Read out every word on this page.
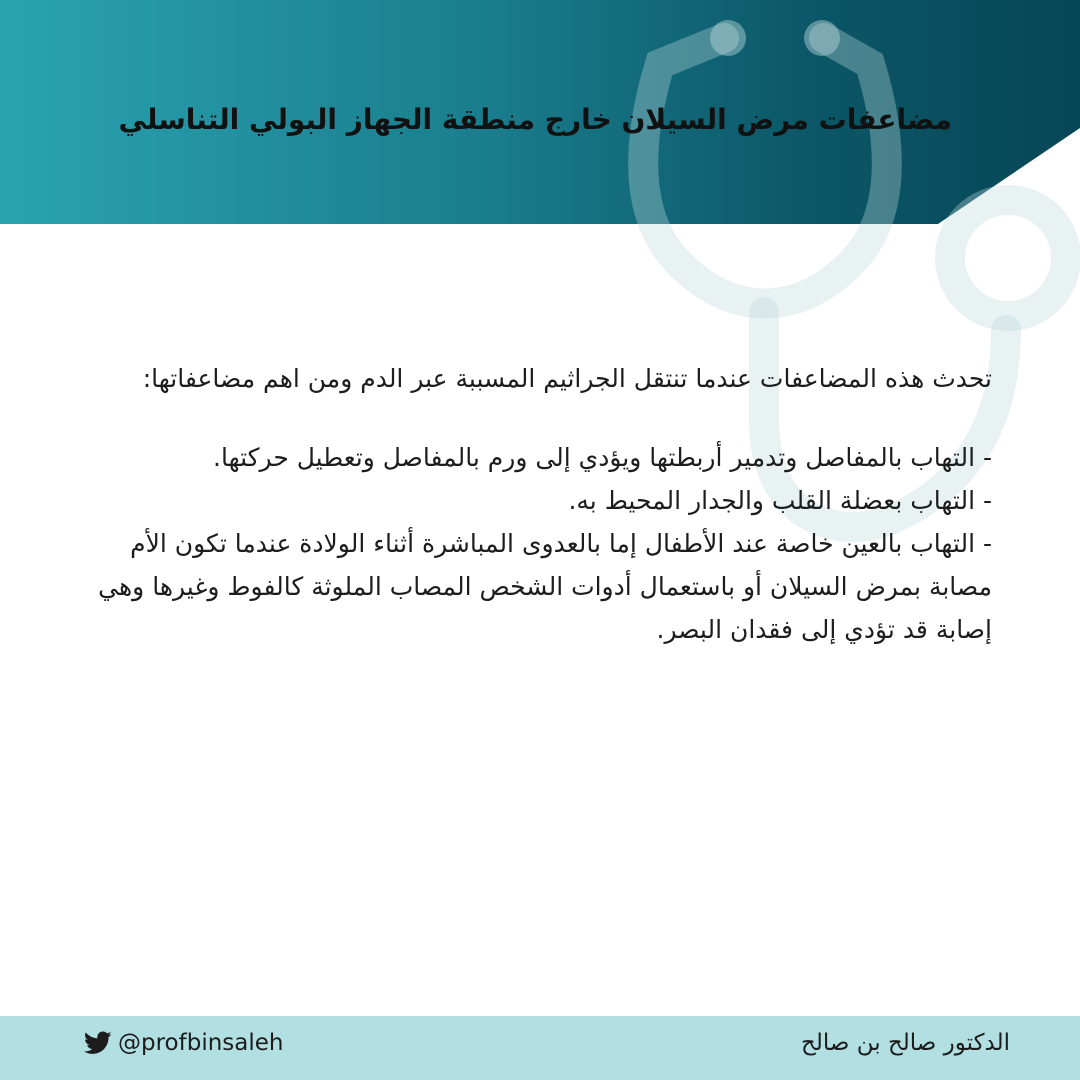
مضاعفات مرض السيلان خارج منطقة الجهاز البولي التناسلي

تحدث هذه المضاعفات عندما تنتقل الجراثيم المسببة عبر الدم ومن اهم مضاعفاتها:

- التهاب بالمفاصل وتدمير أربطتها ويؤدي إلى ورم بالمفاصل وتعطيل حركتها.

- التهاب بعضلة القلب والجدار المحيط به.

- التهاب بالعين خاصة عند الأطفال إما بالعدوى المباشرة أثناء الولادة عندما تكون الأم مصابة بمرض السيلان أو باستعمال أدوات الشخص المصاب الملوثة كالفوط وغيرها وهي إصابة قد تؤدي إلى فقدان البصر.

@profbinsaleh	الدكتور صالح بن صالح
